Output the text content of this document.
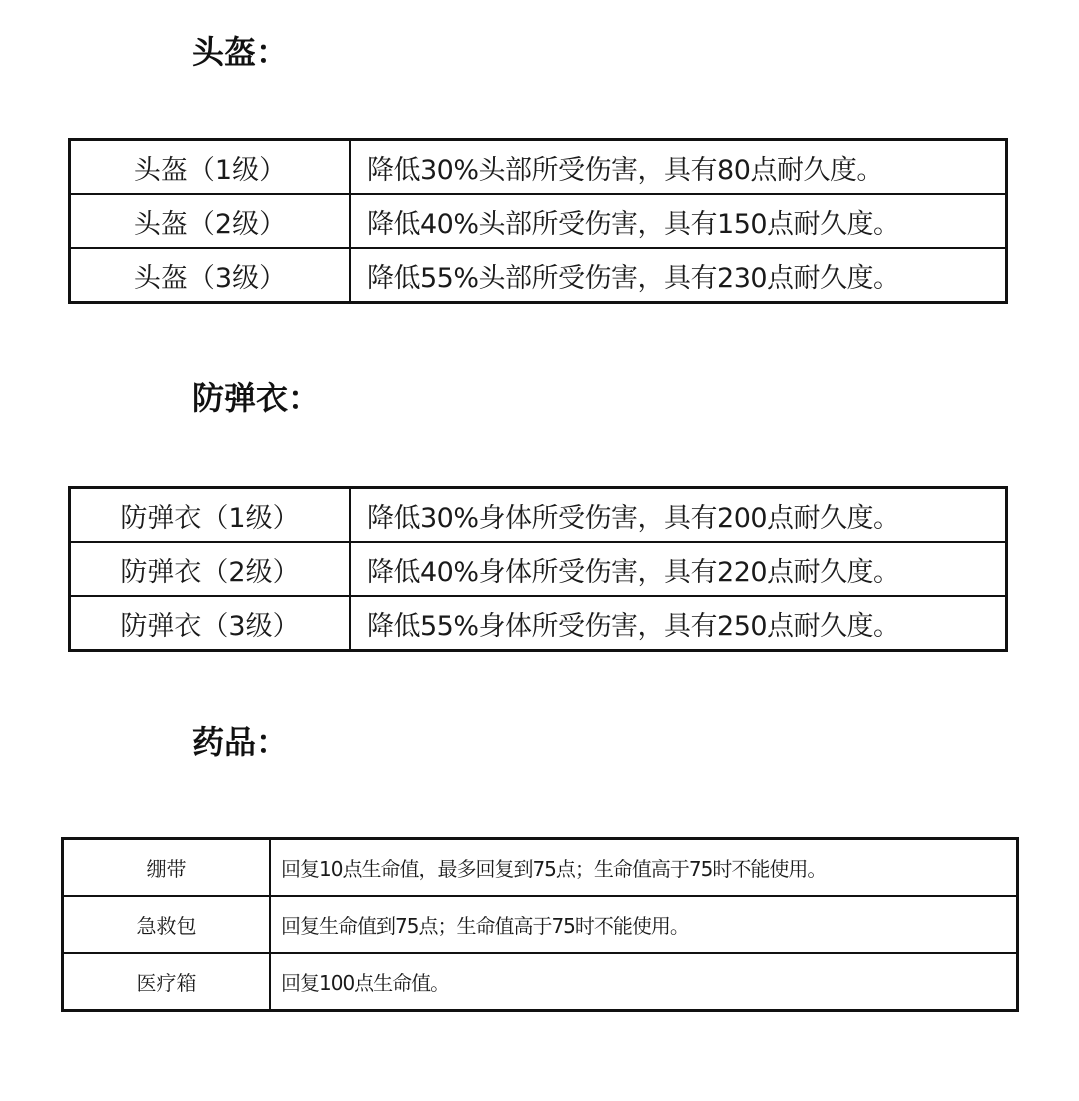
头盔：
头盔（1级）	降低30%头部所受伤害，具有80点耐久度。
头盔（2级）	降低40%头部所受伤害，具有150点耐久度。
头盔（3级）	降低55%头部所受伤害，具有230点耐久度。
防弹衣：
防弹衣（1级）	降低30%身体所受伤害，具有200点耐久度。
防弹衣（2级）	降低40%身体所受伤害，具有220点耐久度。
防弹衣（3级）	降低55%身体所受伤害，具有250点耐久度。
药品：
绷带	回复10点生命值，最多回复到75点；生命值高于75时不能使用。
急救包	回复生命值到75点；生命值高于75时不能使用。
医疗箱	回复100点生命值。
